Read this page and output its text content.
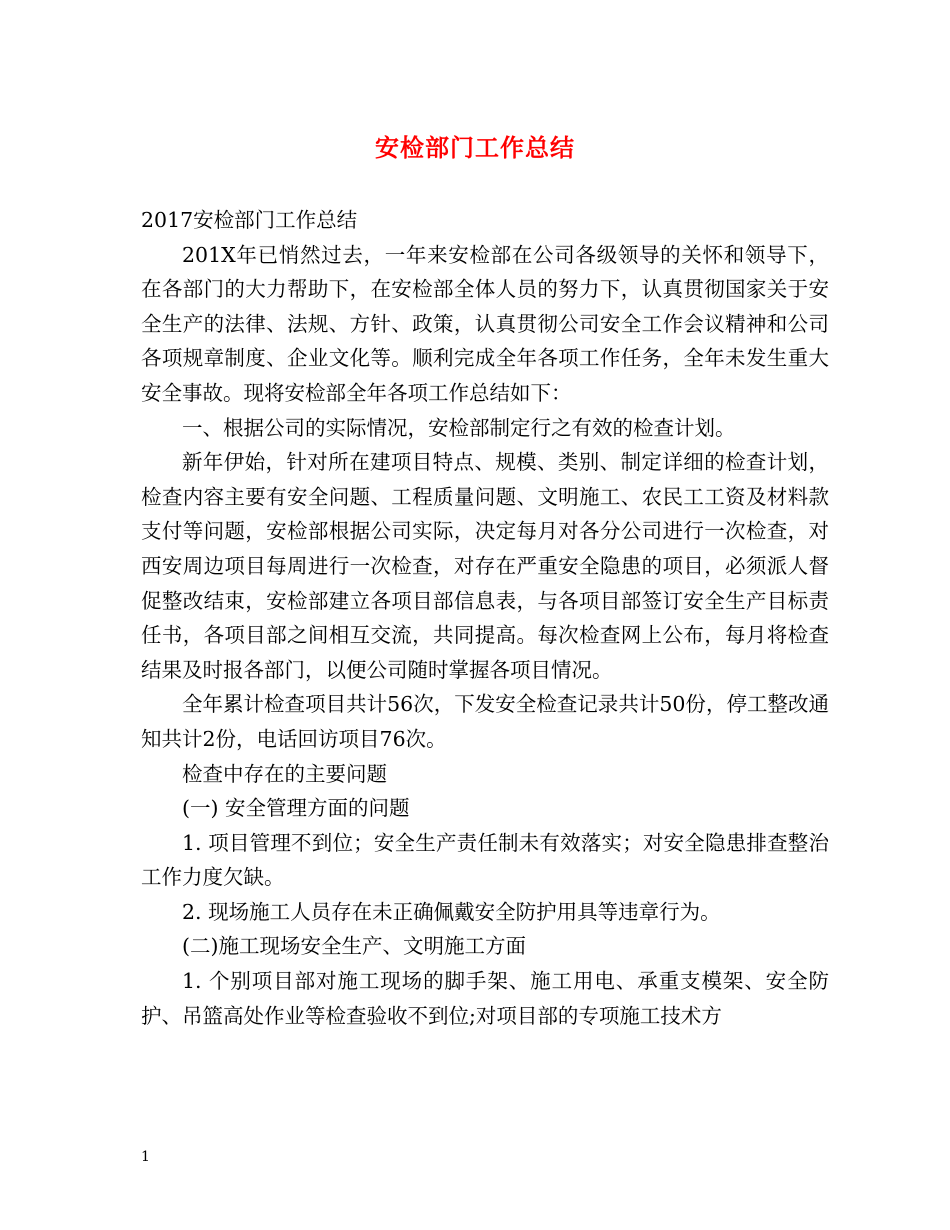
安检部门工作总结

2017安检部门工作总结

201X年已悄然过去，一年来安检部在公司各级领导的关怀和领导下，在各部门的大力帮助下，在安检部全体人员的努力下，认真贯彻国家关于安全生产的法律、法规、方针、政策，认真贯彻公司安全工作会议精神和公司各项规章制度、企业文化等。顺利完成全年各项工作任务，全年未发生重大安全事故。现将安检部全年各项工作总结如下：

一、根据公司的实际情况，安检部制定行之有效的检查计划。

新年伊始，针对所在建项目特点、规模、类别、制定详细的检查计划，检查内容主要有安全问题、工程质量问题、文明施工、农民工工资及材料款支付等问题，安检部根据公司实际，决定每月对各分公司进行一次检查，对西安周边项目每周进行一次检查，对存在严重安全隐患的项目，必须派人督促整改结束，安检部建立各项目部信息表，与各项目部签订安全生产目标责任书，各项目部之间相互交流，共同提高。每次检查网上公布，每月将检查结果及时报各部门，以便公司随时掌握各项目情况。

全年累计检查项目共计56次，下发安全检查记录共计50份，停工整改通知共计2份，电话回访项目76次。

检查中存在的主要问题

(一) 安全管理方面的问题

1. 项目管理不到位；安全生产责任制未有效落实；对安全隐患排查整治工作力度欠缺。

2. 现场施工人员存在未正确佩戴安全防护用具等违章行为。

(二)施工现场安全生产、文明施工方面

1. 个别项目部对施工现场的脚手架、施工用电、承重支模架、安全防护、吊篮高处作业等检查验收不到位;对项目部的专项施工技术方

1
